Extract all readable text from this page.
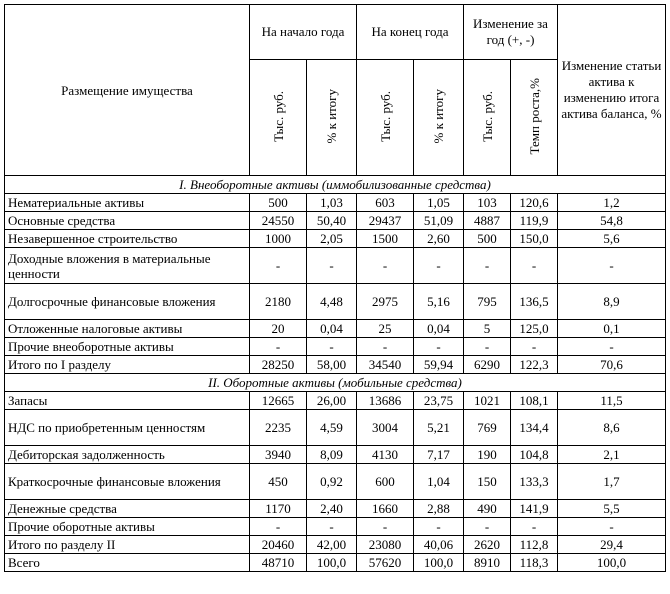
Размещение имущества	На начало года		На конец года		Изменение за год (+, -)		Изменение статьи актива к изменению итога актива баланса, %
	Тыс. руб.	% к итогу	Тыс. руб.	% к итогу	Тыс. руб.	Темп роста,%	
I. Внеоборотные активы (иммобилизованные средства)							
Нематериальные активы	500	1,03	603	1,05	103	120,6	1,2
Основные средства	24550	50,40	29437	51,09	4887	119,9	54,8
Незавершенное строительство	1000	2,05	1500	2,60	500	150,0	5,6
Доходные вложения в материальные ценности	-	-	-	-	-	-	-
Долгосрочные финансовые вложения	2180	4,48	2975	5,16	795	136,5	8,9
Отложенные налоговые активы	20	0,04	25	0,04	5	125,0	0,1
Прочие внеоборотные активы	-	-	-	-	-	-	-
Итого по I разделу	28250	58,00	34540	59,94	6290	122,3	70,6
II. Оборотные активы (мобильные средства)							
Запасы	12665	26,00	13686	23,75	1021	108,1	11,5
НДС по приобретенным ценностям	2235	4,59	3004	5,21	769	134,4	8,6
Дебиторская задолженность	3940	8,09	4130	7,17	190	104,8	2,1
Краткосрочные финансовые вложения	450	0,92	600	1,04	150	133,3	1,7
Денежные средства	1170	2,40	1660	2,88	490	141,9	5,5
Прочие оборотные активы	-	-	-	-	-	-	-
Итого по разделу II	20460	42,00	23080	40,06	2620	112,8	29,4
Всего	48710	100,0	57620	100,0	8910	118,3	100,0
